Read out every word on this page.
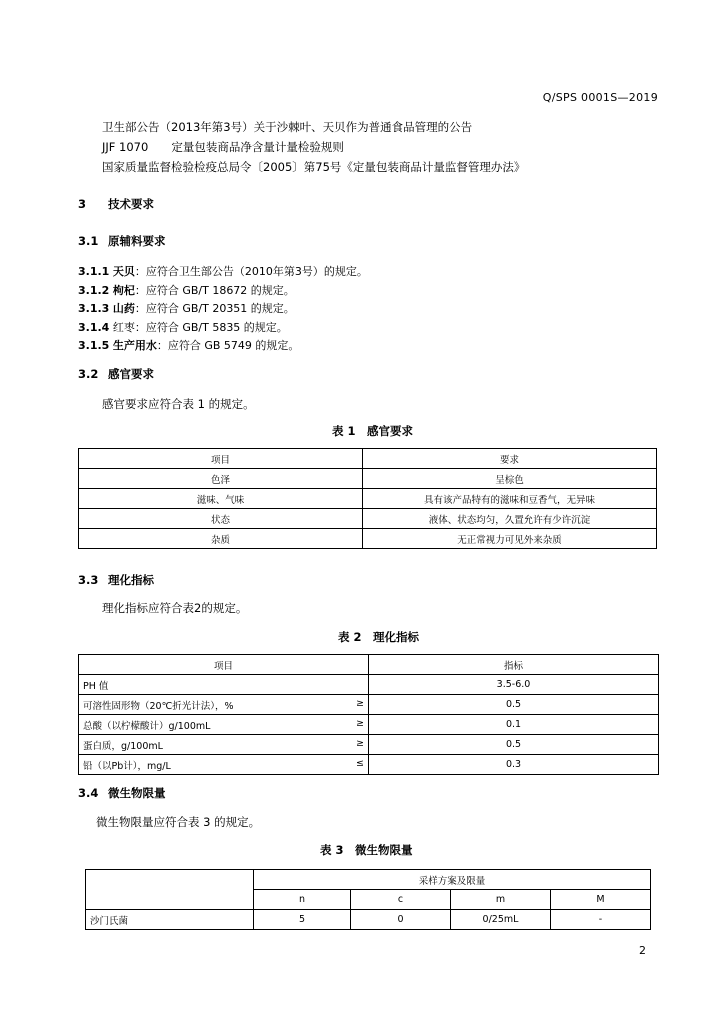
Q/SPS 0001S—2019
卫生部公告（2013年第3号）关于沙棘叶、天贝作为普通食品管理的公告
JJF 1070　　定量包装商品净含量计量检验规则
国家质量监督检验检疫总局令〔2005〕第75号《定量包装商品计量监督管理办法》
3 技术要求
3.1 原辅料要求
3.1.1 天贝：应符合卫生部公告（2010年第3号）的规定。
3.1.2 枸杞：应符合 GB/T 18672 的规定。
3.1.3 山药：应符合 GB/T 20351 的规定。
3.1.4 红枣：应符合 GB/T 5835 的规定。
3.1.5 生产用水：应符合 GB 5749 的规定。
3.2 感官要求
感官要求应符合表 1 的规定。
表 1　感官要求
项目	要求
色泽	呈棕色
滋味、气味	具有该产品特有的滋味和豆香气，无异味
状态	液体、状态均匀，久置允许有少许沉淀
杂质	无正常视力可见外来杂质
3.3 理化指标
理化指标应符合表2的规定。
表 2　理化指标
项目	指标
PH 值	3.5-6.0
可溶性固形物（20℃折光计法），% ≥	0.5
总酸（以柠檬酸计）g/100mL ≥	0.1
蛋白质，g/100mL ≥	0.5
铅（以Pb计），mg/L ≤	0.3
3.4 微生物限量
微生物限量应符合表 3 的规定。
表 3　微生物限量
	采样方案及限量			
	n	c	m	M
沙门氏菌	5	0	0/25mL	-
2
